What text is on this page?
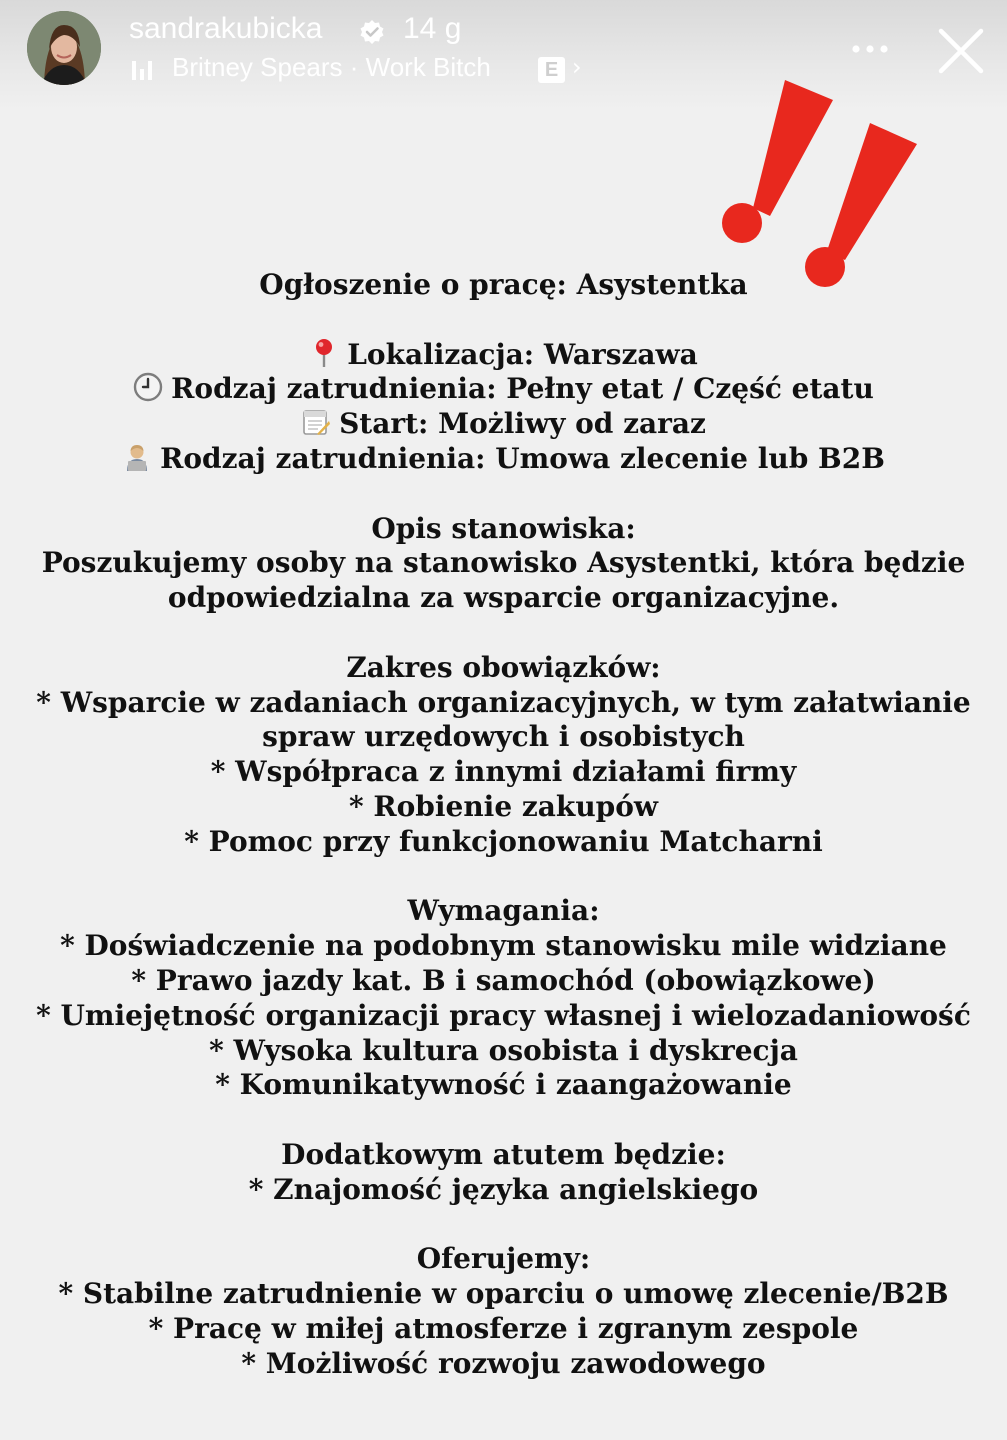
sandrakubicka	14 g
Britney Spears · Work Bitch	E ›
Ogłoszenie o pracę: Asystentka
Lokalizacja: Warszawa
Rodzaj zatrudnienia: Pełny etat / Część etatu
Start: Możliwy od zaraz
Rodzaj zatrudnienia: Umowa zlecenie lub B2B
Opis stanowiska:
Poszukujemy osoby na stanowisko Asystentki, która będzie
odpowiedzialna za wsparcie organizacyjne.
Zakres obowiązków:
* Wsparcie w zadaniach organizacyjnych, w tym załatwianie
spraw urzędowych i osobistych
* Współpraca z innymi działami firmy
* Robienie zakupów
* Pomoc przy funkcjonowaniu Matcharni
Wymagania:
* Doświadczenie na podobnym stanowisku mile widziane
* Prawo jazdy kat. B i samochód (obowiązkowe)
* Umiejętność organizacji pracy własnej i wielozadaniowość
* Wysoka kultura osobista i dyskrecja
* Komunikatywność i zaangażowanie
Dodatkowym atutem będzie:
* Znajomość języka angielskiego
Oferujemy:
* Stabilne zatrudnienie w oparciu o umowę zlecenie/B2B
* Pracę w miłej atmosferze i zgranym zespole
* Możliwość rozwoju zawodowego
